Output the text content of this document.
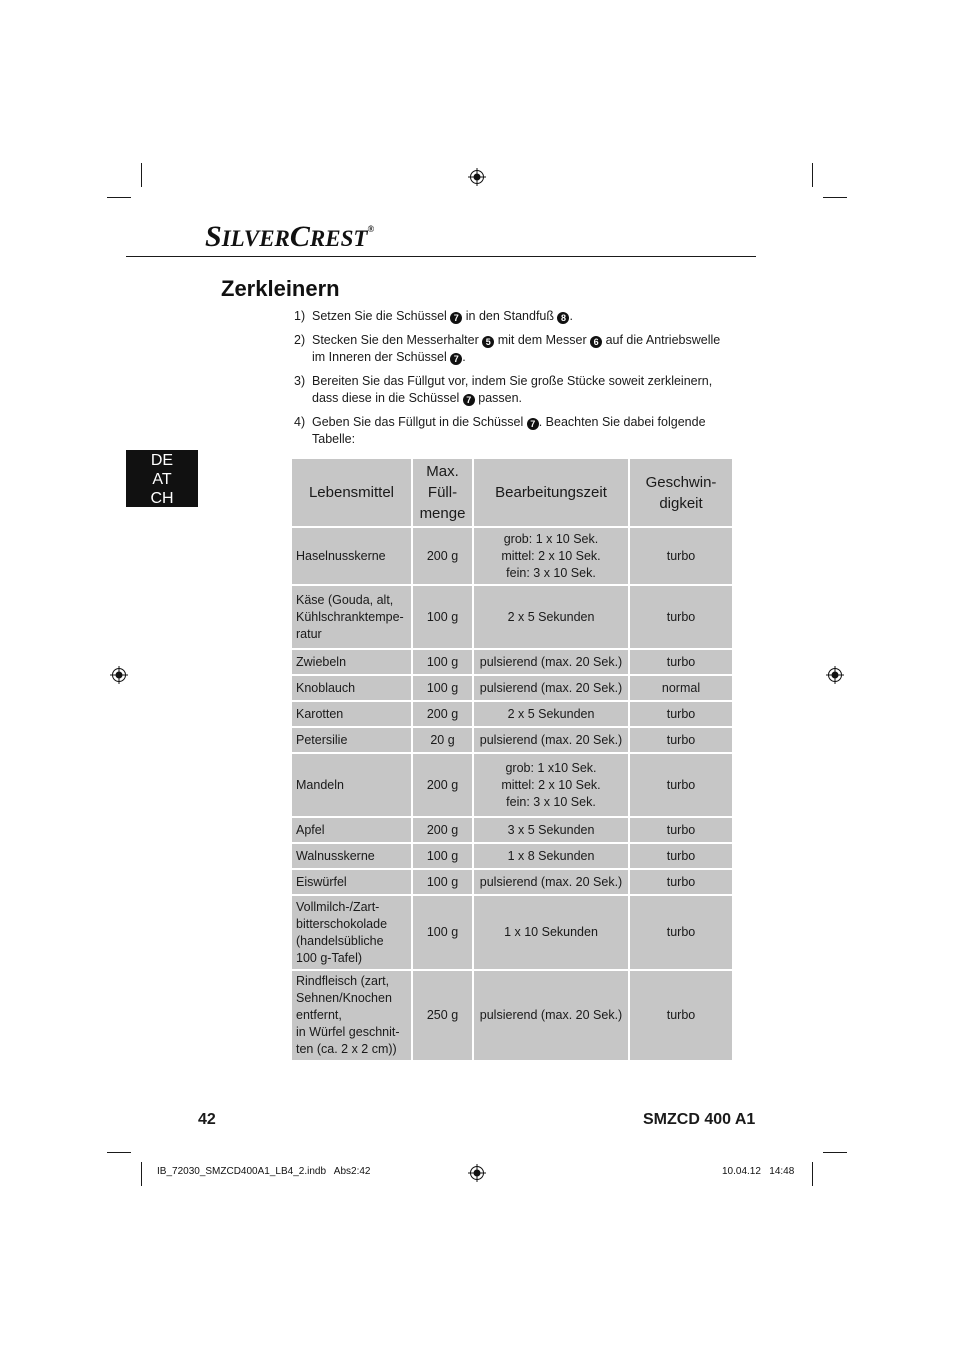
SILVERCREST®
Zerkleinern
1) Setzen Sie die Schüssel 7 in den Standfuß 8 .
2) Stecken Sie den Messerhalter 5 mit dem Messer 6 auf die Antriebswelle im Inneren der Schüssel 7 .
3) Bereiten Sie das Füllgut vor, indem Sie große Stücke soweit zerkleinern, dass diese in die Schüssel 7 passen.
4) Geben Sie das Füllgut in die Schüssel 7 . Beachten Sie dabei folgende Tabelle:
DE
AT
CH	Lebensmittel	Max.
Füll-
menge	Bearbeitungszeit	Geschwin-
digkeit
Haselnusskerne	200 g	grob: 1 x 10 Sek.
mittel: 2 x 10 Sek.
fein: 3 x 10 Sek.	turbo
Käse (Gouda, alt,
Kühlschranktempe-
ratur	100 g	2 x 5 Sekunden	turbo
Zwiebeln	100 g	pulsierend (max. 20 Sek.)	turbo
Knoblauch	100 g	pulsierend (max. 20 Sek.)	normal
Karotten	200 g	2 x 5 Sekunden	turbo
Petersilie	20 g	pulsierend (max. 20 Sek.)	turbo
Mandeln	200 g	grob: 1 x10 Sek.
mittel: 2 x 10 Sek.
fein: 3 x 10 Sek.	turbo
Apfel	200 g	3 x 5 Sekunden	turbo
Walnusskerne	100 g	1 x 8 Sekunden	turbo
Eiswürfel	100 g	pulsierend (max. 20 Sek.)	turbo
Vollmilch-/Zart-
bitterschokolade
(handelsübliche
100 g-Tafel)	100 g	1 x 10 Sekunden	turbo
Rindfleisch (zart,
Sehnen/Knochen
entfernt,
in Würfel geschnit-
ten (ca. 2 x 2 cm))	250 g	pulsierend (max. 20 Sek.)	turbo
42	SMZCD 400 A1
IB_72030_SMZCD400A1_LB4_2.indb   Abs2:42	10.04.12   14:48
